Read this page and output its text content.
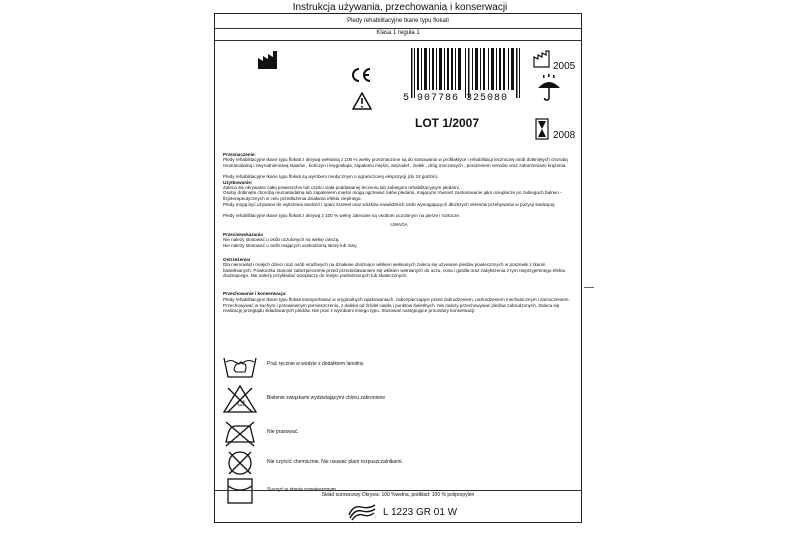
Instrukcja używania, przechowania i konserwacji
Pledy rehabilitacyjne tkane typu flokati
Klasa 1 reguła 1
5 907786 325080
LOT 1/2007
2005
2008
Przeznaczenie:
Pledy rehabilitacyjne tkane typu flokati z okrywą wełnianą z 100 % wełny przeznaczone są do stosowania w profilaktyce i rehabilitacji leczniczej osób dotkniętych chorobą reumatoidalną i zwyrodnieniową stawów , kończyn i kręgosłupa, zapaleniu mięśni, więzadeł , ziołek , dróg moczowych , porażeniem nerwów oraz zaburzeniami krążenia.
Pledy rehabilitacyjne tkane typu flokati są wyrobem medycznym o ograniczonej ekspozycji (do 24 godzin).
Użytkowanie:
Zaleca się okrywanie całej powierzchni lub części ciała poddawanej leczeniu lub zabiegom rehabilitacyjnym pledami.
Osoby dotknięte chorobą reumatoidalną lub zapaleniem mięśni mogą ogrzewać tułów pledami, mającymi również zastosowanie jako ocieplacze po zabiegach balneo - fizjoterapeutycznych w celu przedłużenia działania efektu cieplnego.
Pledy mogą być używane do wyłożenia siedzeń i oparć krzeseł oraz wózków inwalidzkich osób wymagających dłuższych okresów przebywania w pozycji siedzącej.
Pledy rehabilitacyjne tkane typu flokati z okrywą z 100 % wełny zalecane są osobom uczulonym na pierze i roztocze.
UWAGA
Przeciwwskazania
Nie należy stosować u osób uczulonych na wełnę owczą.
Nie należy stosować u osób mających uszkodzoną skórę lub rany.
Ostrzeżenia!
Dla niemowląt i małych dzieci oraz osób wrażliwych na działanie drażniące włókien wełnianych zaleca się używanie pledów powleczonych w poszewki z tkanin bawełnianych. Powłoczka stanowi zabezpieczenie przed przedostawaniem się włókien wełnianych do oczu, nosa i gardła oraz zwiększenia z tym nieprzyjemnego efektu drażniącego. Nie należy przykładać ocieplaczy do miejsc podrażnionych lub skaleczonych.
Przechowanie i konserwacja:
Pledy rehabilitacyjne tkane typu flokati transportować w oryginalnych opakowaniach, zabezpieczające przed zabrudzeniem, uszkodzeniem mechanicznym i zamoczeniem. Przechowywać w suchym i przewiewnym pomieszczeniu, z daleka od źródeł ciepła i punktów świetlnych. Nie należy przechowywać pledów zabrudzonych. Zaleca się realizację przeglądu składowanych pledów. Nie prać z wyrobami innego typu. Stosować następujące procedury konserwacji:
Prać ręcznie w wodzie z dodatkiem lanoliny.
CI
Bielenie związkami wydzielającymi chloru zabronione
Nie prasować.
Nie czyścić chemicznie. Nie usuwać plam rozpuszczalnikami.
Suszyć w stanie rozwieszonym
Skład surowcowy Okrywa: 100 %wełna, podkład: 100 % polipropylen
L 1223 GR 01 W
